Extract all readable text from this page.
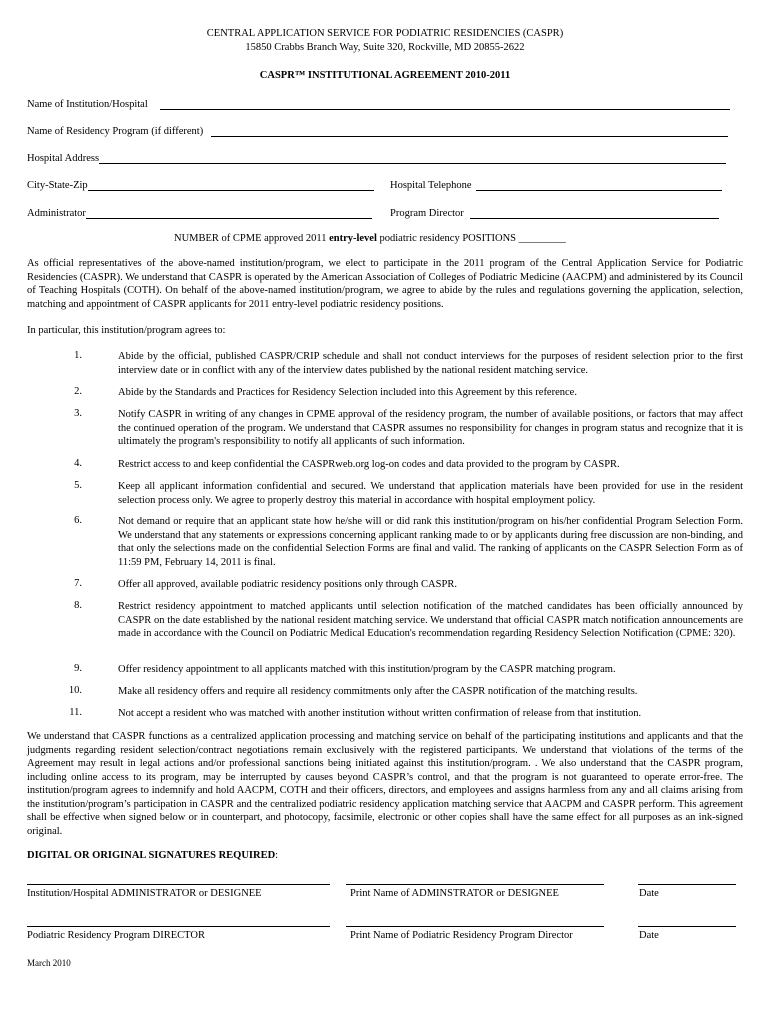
CENTRAL APPLICATION SERVICE FOR PODIATRIC RESIDENCIES (CASPR)
15850 Crabbs Branch Way, Suite 320, Rockville, MD 20855-2622
CASPR™ INSTITUTIONAL AGREEMENT 2010-2011
Name of Institution/Hospital
Name of Residency Program (if different)
Hospital Address
City-State-Zip	Hospital Telephone
Administrator	Program Director
NUMBER of CPME approved 2011 entry-level podiatric residency POSITIONS _________
As official representatives of the above-named institution/program, we elect to participate in the 2011 program of the Central Application Service for Podiatric Residencies (CASPR). We understand that CASPR is operated by the American Association of Colleges of Podiatric Medicine (AACPM) and administered by its Council of Teaching Hospitals (COTH). On behalf of the above-named institution/program, we agree to abide by the rules and regulations governing the application, selection, matching and appointment of CASPR applicants for 2011 entry-level podiatric residency positions.
In particular, this institution/program agrees to:
1.	Abide by the official, published CASPR/CRIP schedule and shall not conduct interviews for the purposes of resident selection prior to the first interview date or in conflict with any of the interview dates published by the national resident matching service.
2.	Abide by the Standards and Practices for Residency Selection included into this Agreement by this reference.
3.	Notify CASPR in writing of any changes in CPME approval of the residency program, the number of available positions, or factors that may affect the continued operation of the program. We understand that CASPR assumes no responsibility for changes in program status and recognize that it is ultimately the program's responsibility to notify all applicants of such information.
4.	Restrict access to and keep confidential the CASPRweb.org log-on codes and data provided to the program by CASPR.
5.	Keep all applicant information confidential and secured. We understand that application materials have been provided for use in the resident selection process only. We agree to properly destroy this material in accordance with hospital employment policy.
6.	Not demand or require that an applicant state how he/she will or did rank this institution/program on his/her confidential Program Selection Form. We understand that any statements or expressions concerning applicant ranking made to or by applicants during free discussion are non-binding, and that only the selections made on the confidential Selection Forms are final and valid. The ranking of applicants on the CASPR Selection Form as of 11:59 PM, February 14, 2011 is final.
7.	Offer all approved, available podiatric residency positions only through CASPR.
8.	Restrict residency appointment to matched applicants until selection notification of the matched candidates has been officially announced by CASPR on the date established by the national resident matching service. We understand that official CASPR match notification announcements are made in accordance with the Council on Podiatric Medical Education's recommendation regarding Residency Selection Notification (CPME: 320).
9.	Offer residency appointment to all applicants matched with this institution/program by the CASPR matching program.
10.	Make all residency offers and require all residency commitments only after the CASPR notification of the matching results.
11.	Not accept a resident who was matched with another institution without written confirmation of release from that institution.
We understand that CASPR functions as a centralized application processing and matching service on behalf of the participating institutions and applicants and that the judgments regarding resident selection/contract negotiations remain exclusively with the registered participants. We understand that violations of the terms of the Agreement may result in legal actions and/or professional sanctions being initiated against this institution/program. . We also understand that the CASPR program, including online access to its program, may be interrupted by causes beyond CASPR’s control, and that the program is not guaranteed to operate error-free. The institution/program agrees to indemnify and hold AACPM, COTH and their officers, directors, and employees and assigns harmless from any and all claims arising from the institution/program’s participation in CASPR and the centralized podiatric residency application matching service that AACPM and CASPR perform. This agreement shall be effective when signed below or in counterpart, and photocopy, facsimile, electronic or other copies shall have the same effect for all purposes as an ink-signed original.
DIGITAL OR ORIGINAL SIGNATURES REQUIRED:
Institution/Hospital ADMINISTRATOR or DESIGNEE	Print Name of ADMINSTRATOR or DESIGNEE	Date
Podiatric Residency Program DIRECTOR	Print Name of Podiatric Residency Program Director	Date
March 2010
